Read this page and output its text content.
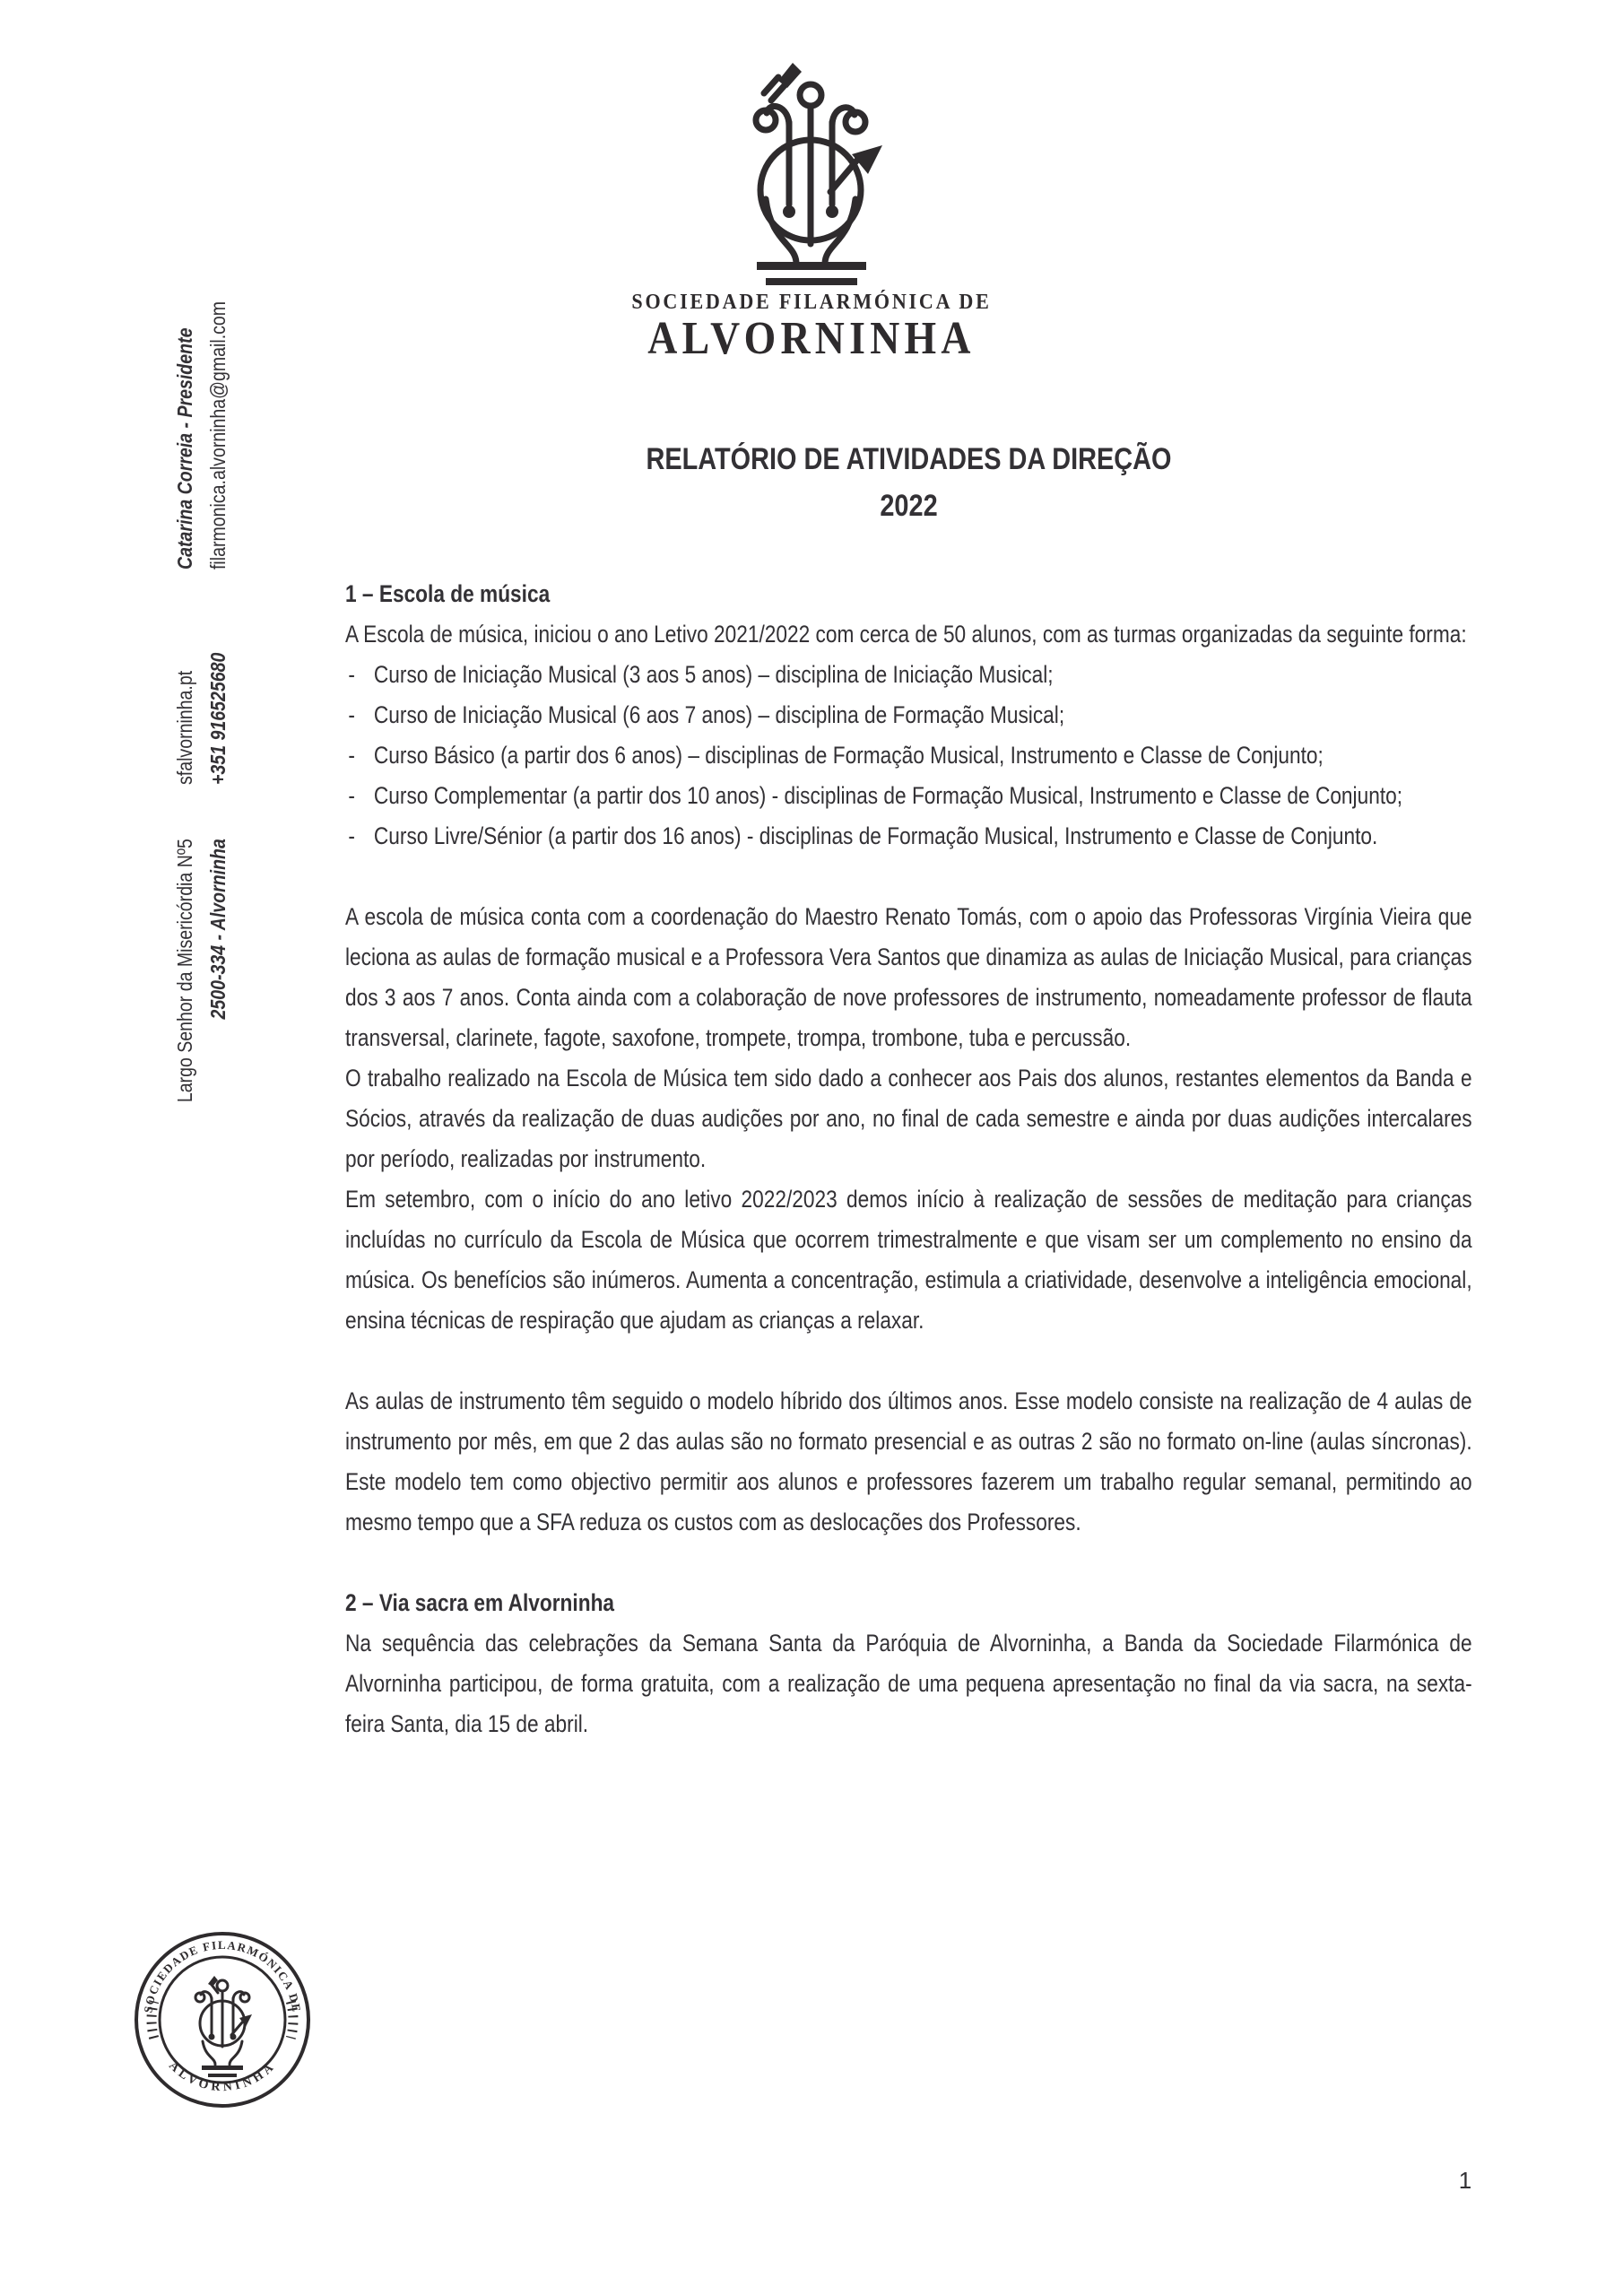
SOCIEDADE FILARMÓNICA DE
ALVORNINHA
RELATÓRIO DE ATIVIDADES DA DIREÇÃO
2022
Catarina Correia - Presidente filarmonica.alvorninha@gmail.com
sfalvorninha.pt +351 916525680
Largo Senhor da Misericórdia Nº5 2500-334 - Alvorninha
1 – Escola de música

A Escola de música, iniciou o ano Letivo 2021/2022 com cerca de 50 alunos, com as turmas organizadas da seguinte forma:

- Curso de Iniciação Musical (3 aos 5 anos) – disciplina de Iniciação Musical;
- Curso de Iniciação Musical (6 aos 7 anos) – disciplina de Formação Musical;
- Curso Básico (a partir dos 6 anos) – disciplinas de Formação Musical, Instrumento e Classe de Conjunto;
- Curso Complementar (a partir dos 10 anos) - disciplinas de Formação Musical, Instrumento e Classe de Conjunto;
- Curso Livre/Sénior (a partir dos 16 anos) - disciplinas de Formação Musical, Instrumento e Classe de Conjunto.

A escola de música conta com a coordenação do Maestro Renato Tomás, com o apoio das Professoras Virgínia Vieira que leciona as aulas de formação musical e a Professora Vera Santos que dinamiza as aulas de Iniciação Musical, para crianças dos 3 aos 7 anos. Conta ainda com a colaboração de nove professores de instrumento, nomeadamente professor de flauta transversal, clarinete, fagote, saxofone, trompete, trompa, trombone, tuba e percussão.

O trabalho realizado na Escola de Música tem sido dado a conhecer aos Pais dos alunos, restantes elementos da Banda e Sócios, através da realização de duas audições por ano, no final de cada semestre e ainda por duas audições intercalares por período, realizadas por instrumento.

Em setembro, com o início do ano letivo 2022/2023 demos início à realização de sessões de meditação para crianças incluídas no currículo da Escola de Música que ocorrem trimestralmente e que visam ser um complemento no ensino da música. Os benefícios são inúmeros. Aumenta a concentração, estimula a criatividade, desenvolve a inteligência emocional, ensina técnicas de respiração que ajudam as crianças a relaxar.

As aulas de instrumento têm seguido o modelo híbrido dos últimos anos. Esse modelo consiste na realização de 4 aulas de instrumento por mês, em que 2 das aulas são no formato presencial e as outras 2 são no formato on-line (aulas síncronas). Este modelo tem como objectivo permitir aos alunos e professores fazerem um trabalho regular semanal, permitindo ao mesmo tempo que a SFA reduza os custos com as deslocações dos Professores.

2 – Via sacra em Alvorninha

Na sequência das celebrações da Semana Santa da Paróquia de Alvorninha, a Banda da Sociedade Filarmónica de Alvorninha participou, de forma gratuita, com a realização de uma pequena apresentação no final da via sacra, na sexta-feira Santa, dia 15 de abril.

SOCIEDADE FILARMÓNICA DE
ALVORNINHA
1
